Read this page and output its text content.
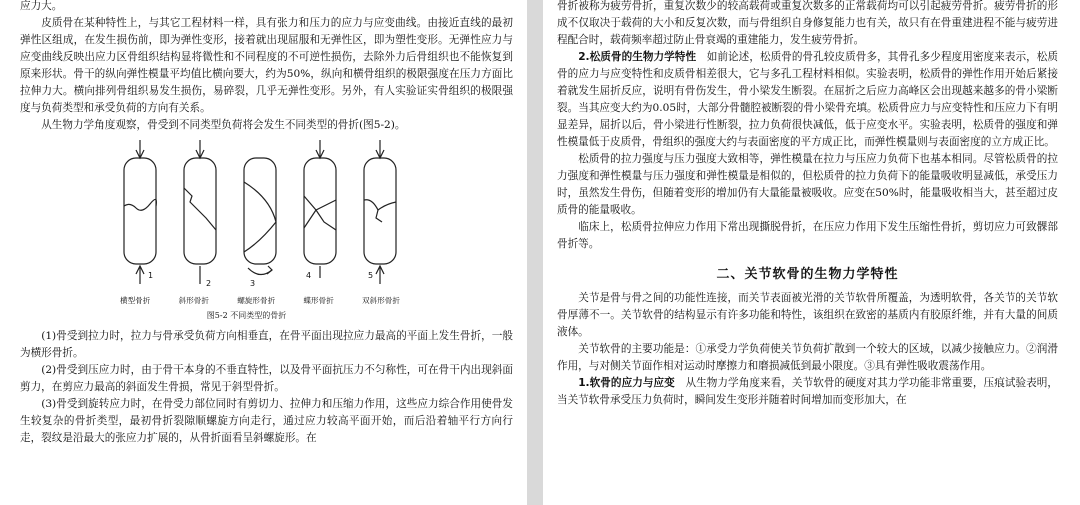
应力大。

皮质骨在某种特性上，与其它工程材料一样，具有张力和压力的应力与应变曲线。由接近直线的最初弹性区组成，在发生损伤前，即为弹性变形，接着就出现屈服和无弹性区，即为塑性变形。无弹性应力与应变曲线反映出应力区骨组织结构显将微性和不同程度的不可逆性损伤，去除外力后骨组织也不能恢复到原来形状。骨干的纵向弹性模量平均值比横向要大，约为50%，纵向和横骨组织的极限强度在压力方面比拉伸力大。横向排列骨组织易发生损伤，易碎裂，几乎无弹性变形。另外，有人实验证实骨组织的极限强度与负荷类型和承受负荷的方向有关系。

从生物力学角度观察，骨受到不同类型负荷将会发生不同类型的骨折(图5-2)。

1
2	3
4	5
横型骨折	斜形骨折	螺旋形骨折	蝶形骨折	双斜形骨折
图5-2 不同类型的骨折

(1)骨受到拉力时，拉力与骨承受负荷方向相垂直，在骨平面出现拉应力最高的平面上发生骨折，一般为横形骨折。

(2)骨受到压应力时，由于骨干本身的不垂直特性，以及骨平面抗压力不匀称性，可在骨干内出现斜面剪力，在剪应力最高的斜面发生骨损，常见于斜型骨折。

(3)骨受到旋转应力时，在骨受力部位同时有剪切力、拉伸力和压缩力作用，这些应力综合作用使骨发生较复杂的骨折类型，最初骨折裂隙顺螺旋方向走行，通过应力较高平面开始，而后沿着轴平行方向行走，裂纹是沿最大的张应力扩展的，从骨折面看呈斜螺旋形。在

骨折被称为疲劳骨折，重复次数少的较高载荷或重复次数多的正常载荷均可以引起疲劳骨折。疲劳骨折的形成不仅取决于载荷的大小和反复次数，而与骨组织自身修复能力也有关，故只有在骨重建进程不能与疲劳进程配合时，载荷频率超过防止骨衰竭的重建能力，发生疲劳骨折。

2.松质骨的生物力学特性　 如前论述，松质骨的骨孔较皮质骨多，其骨孔多少程度用密度来表示，松质骨的应力与应变特性和皮质骨相差很大，它与多孔工程材料相似。实验表明，松质骨的弹性作用开始后紧接着就发生屈折反应，说明有骨伤发生，骨小梁发生断裂。在屈折之后应力高峰区会出现越来越多的骨小梁断裂。当其应变大约为0.05时，大部分骨髓腔被断裂的骨小梁骨充填。松质骨应力与应变特性和压应力下有明显差异，屈折以后，骨小梁进行性断裂，拉力负荷很快减低，低于应变水平。实验表明，松质骨的强度和弹性模量低于皮质骨，骨组织的强度大约与表面密度的平方成正比，而弹性模量则与表面密度的立方成正比。

松质骨的拉力强度与压力强度大致相等，弹性模量在拉力与压应力负荷下也基本相同。尽管松质骨的拉力强度和弹性模量与压力强度和弹性模量是相似的，但松质骨的拉力负荷下的能量吸收明显减低，承受压力时，虽然发生骨伤，但随着变形的增加仍有大量能量被吸收。应变在50%时，能量吸收相当大，甚至超过皮质骨的能量吸收。

临床上，松质骨拉伸应力作用下常出现撕脱骨折，在压应力作用下发生压缩性骨折，剪切应力可致髁部骨折等。

二、关节软骨的生物力学特性

关节是骨与骨之间的功能性连接，而关节表面被光滑的关节软骨所覆盖，为透明软骨，各关节的关节软骨厚薄不一。关节软骨的结构显示有许多功能和特性，该组织在致密的基质内有胶原纤维，并有大量的间质液体。

关节软骨的主要功能是：①承受力学负荷使关节负荷扩散到一个较大的区域，以减少接触应力。②润滑作用，与对侧关节面作相对运动时摩擦力和磨损减低到最小限度。③具有弹性吸收震荡作用。

1.软骨的应力与应变　 从生物力学角度来看，关节软骨的硬度对其力学功能非常重要，压痕试验表明，当关节软骨承受压力负荷时，瞬间发生变形并随着时间增加而变形加大，在
